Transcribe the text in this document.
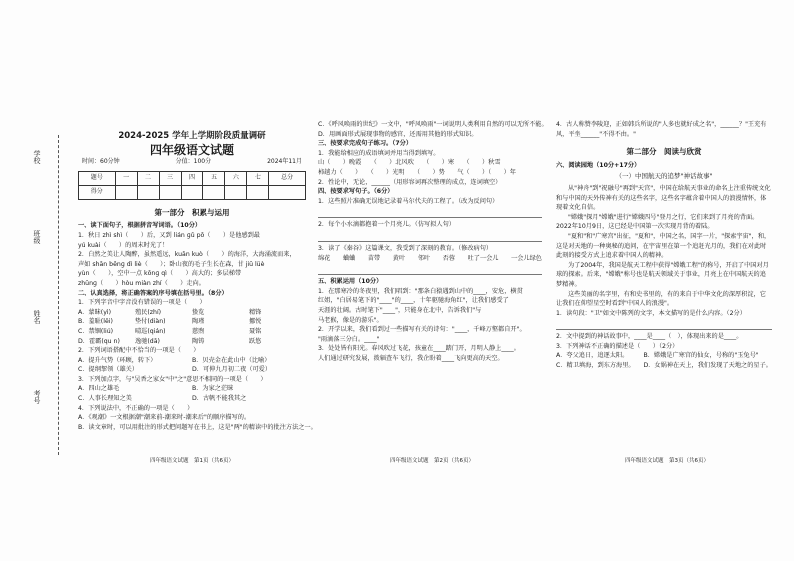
学校
班级
姓名
考号
2024-2025 学年上学期阶段质量调研
四年级语文试题
时间：60分钟	分值：100分	2024年11月
题号	一	二	三	四	五	六	七	总分
得分								
第一部分　积累与运用
一、读下面句子，根据拼音写词语。（10分）
1．秋日 zhì shì（　　）后，又到 lián ɡǔ pō（　　）是他感到最
yú kuài（　　）的周末时光了！
2．白然之美让人陶醉，虽然遥远，kuān kuò（　　）的海洋，大海涌流而来，
声如 shān bēnɡ dì liè（　　）；卧山夜的毛子生长在森，甘 jiū lüè
yùn（　　），空中一点 kōnɡ qì（　　）高大的；多层梯带
zhūnɡ（　　）hòu miàn zhí（　　）走向。
二、认真选择，将正确答案的序号填在括号里。（8分）
1．下列字音中字音没有错误的一项是（　　）
A．蒙昧(yì)	殖民(zhí)	蛰览	精锋
B．羞耻(lěi)	垫付(diàn)	陶瑾	挪悦
C．禁锢(liú)	晴巡(qián)	慈煦	聂铭
D．霍霸(qu n)	逸驰(dā)	陶铸	跃悠
2．下列词语搭配中不恰当的一项是（　　）
A．提升气势（环顾，转下）	B．贝壳金在此山中（比喻）
C．提纲挈领（雄关）	D．可伸九月初二夜（可爱）
3．下列加点字，与"吴香之家女"中"之"意思不相同的一项是（　　）
A．四山之雄毛	B．为家之茫昧
C．人事长理知之美	D．古帆不能我其之
4．下列说法中，不正确的一项是（　　）
A．《观潮》一文根据潮"潮来前-潮来时-潮来后"的顺序描写的。
B．读文章时，可以用批注的形式把问题写在书上，这是"两"的精读中的批注方法之一。
四年级语文试题　第1页（共6页）
C．《呼风唤雨的世纪》一文中，"呼风唤雨"一词说明人类利用自然的可以无所不能。
D．用画面形式展现事物的感官，还需用其他的形式知识。
三、按要求完成句子练习。（7分）
1．我能给相应的成语填词并用当得到填写。
山（　　）晚霞　　（　　）北风吹　　（　　）寒　　（　　）秋雪
柿越力（　　）　　（　　）光明　　（　　）势　　气（　　）（　　）年
2．性论中，无论，______（用形容词再次整理的成点，连词填空）
四、按要求写句子。（6分）
1．这些照片准确无误地记录着马尔代夫的工程了。（改为反问句）
2．每个小水滴都抱着一个月亮儿。（仿写拟人句）
3．读了《秦谷》这篇课文，我受到了深刻的教育。（修改病句）
绵花 蛐蛐 苗带 黄叶 邻叶 否蓉 吐了一会儿 一会儿绿色
五、积累运用（10分）
1．在那寒冷的冬夜里，我们唱到："那条白猿遇到山中的____，安危，横贯
红姐，"白居易笔下的"____"的____，十年驱驰海角红"，让我们感受了
天涯的壮阔。古时笔下"____"，只能身在北中，告诉我们"与
马老猴，像是的游乐"。
2．开学以来，我们看到过一些描写有关的诗句："____，千峰万壑都自开"。
"雨滴落三分白。____"
3．处处皆有阳光。春风吹过飞花，孩童在____踏门开，月明人静上____。
人们通过研究发展，拨辐查车飞行，我企盼着____飞向更高的天空。
四年级语文试题　第2页（共6页）
4．古人称赞李陵迎，正如韩兵所说的"人多也就好成之名"，______？"王充有风，平坐______"不得不由。"
第二部分　阅读与欣赏
六、阅读园地（10分+17分）
（一）中国航天的追梦"神话故事"
从"神舟"到"祝融号"再到"天宫"，中国在给航天事业的命名上注重传统文化和与中国的天外传神有关的这些名字，这些名字蕴含着中国人的浪漫情怀，体现着文化自信。
"嫦娥"探月"嫦娥"进行"嫦娥四号"登月之行，它们来到了月亮的背面。2022年10月9日，这已经是中国第一次实现月背的着陆。
"夏和"和"广寒宫"出征，"夏和"，中国之名，国字一片，"探索宇宙"，和，这是对天地的一种奥秘的追问，在宇宙里在第一个追赶光月的，我们在对此时此刻的接受方式上追求着中国人的精神。
为了2004年，我国是航天工程中获得"嫦娥工程"的称号，开启了中国对月球的探索。后来，"嫦娥"称号也是航天领域关于事业，月亮上在中国航天的追梦精神。
这些美丽的名字里，有和史书里的，有的来自于中华文化的深厚积淀，它让我们在仰望星空时看到"中国人的浪漫"。
1．读句段："卫"如文中陈列的文字，本文描写的是什么内容。（2分）
2．文中提到的神话故事中，____是____（　），体现出来的是____。
3．下列神话不正确的描述是（　　）（2分）
A．夸父追日，追逐太阳。	B．嫦娥是广寒宫的仙女，号称的"玉兔号"
C．精卫填海，到东方海里。	D．女娲神在天上，我们发现了天地之的星子。
四年级语文试题　第3页（共6页）
